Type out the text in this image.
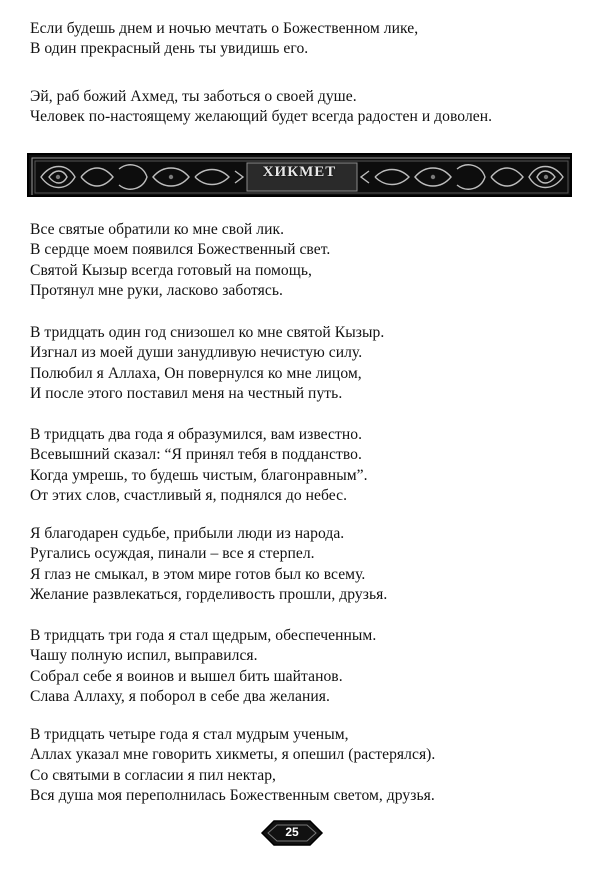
Если будешь днем и ночью мечтать о Божественном лике,
В один прекрасный день ты увидишь его.
Эй, раб божий Ахмед, ты заботься о своей душе.
Человек по-настоящему желающий будет всегда радостен и доволен.
ХИКМЕТ
Все святые обратили ко мне свой лик.
В сердце моем появился Божественный свет.
Святой Кызыр всегда готовый на помощь,
Протянул мне руки, ласково заботясь.
В тридцать один год снизошел ко мне святой Кызыр.
Изгнал из моей души занудливую нечистую силу.
Полюбил я Аллаха, Он повернулся ко мне лицом,
И после этого поставил меня на честный путь.
В тридцать два года я образумился, вам известно.
Всевышний сказал: “Я принял тебя в подданство.
Когда умрешь, то будешь чистым, благонравным”.
От этих слов, счастливый я, поднялся до небес.
Я благодарен судьбе, прибыли люди из народа.
Ругались осуждая, пинали – все я стерпел.
Я глаз не смыкал, в этом мире готов был ко всему.
Желание развлекаться, горделивость прошли, друзья.
В тридцать три года я стал щедрым, обеспеченным.
Чашу полную испил, выправился.
Собрал себе я воинов и вышел бить шайтанов.
Слава Аллаху, я поборол в себе два желания.
В тридцать четыре года я стал мудрым ученым,
Аллах указал мне говорить хикметы, я опешил (растерялся).
Со святыми в согласии я пил нектар,
Вся душа моя переполнилась Божественным светом, друзья.
25
